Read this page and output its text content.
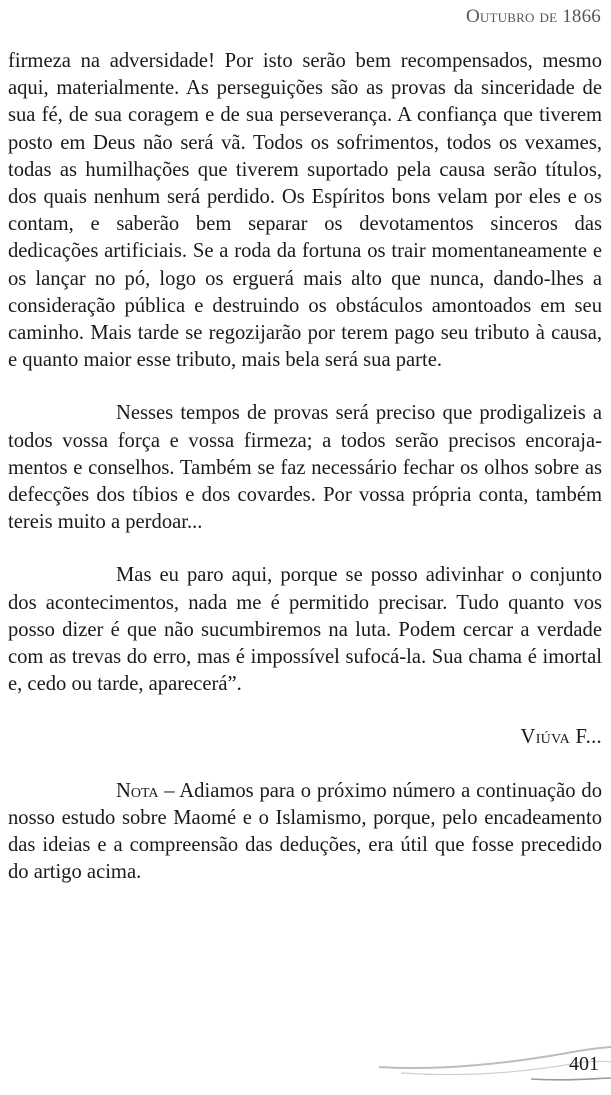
Outubro de 1866

firmeza na adversidade! Por isto serão bem recompensados, mesmo aqui, materialmente. As perseguições são as provas da sinceridade de sua fé, de sua coragem e de sua perseverança. A confiança que tiverem posto em Deus não será vã. Todos os sofrimentos, todos os vexames, todas as humilhações que tiverem suportado pela causa serão títulos, dos quais nenhum será perdido. Os Espíritos bons velam por eles e os contam, e saberão bem separar os devotamentos sinceros das dedicações artificiais. Se a roda da fortuna os trair momentaneamente e os lançar no pó, logo os erguerá mais alto que nunca, dando-lhes a consideração pública e destruindo os obstáculos amontoados em seu caminho. Mais tarde se regozijarão por terem pago seu tributo à causa, e quanto maior esse tributo, mais bela será sua parte.

Nesses tempos de provas será preciso que prodigalizeis a todos vossa força e vossa firmeza; a todos serão precisos encorajamentos e conselhos. Também se faz necessário fechar os olhos sobre as defecções dos tíbios e dos covardes. Por vossa própria conta, também tereis muito a perdoar...

Mas eu paro aqui, porque se posso adivinhar o conjunto dos acontecimentos, nada me é permitido precisar. Tudo quanto vos posso dizer é que não sucumbiremos na luta. Podem cercar a verdade com as trevas do erro, mas é impossível sufocá-la. Sua chama é imortal e, cedo ou tarde, aparecerá”.

Viúva F...

Nota – Adiamos para o próximo número a continuação do nosso estudo sobre Maomé e o Islamismo, porque, pelo encadeamento das ideias e a compreensão das deduções, era útil que fosse precedido do artigo acima.

401
